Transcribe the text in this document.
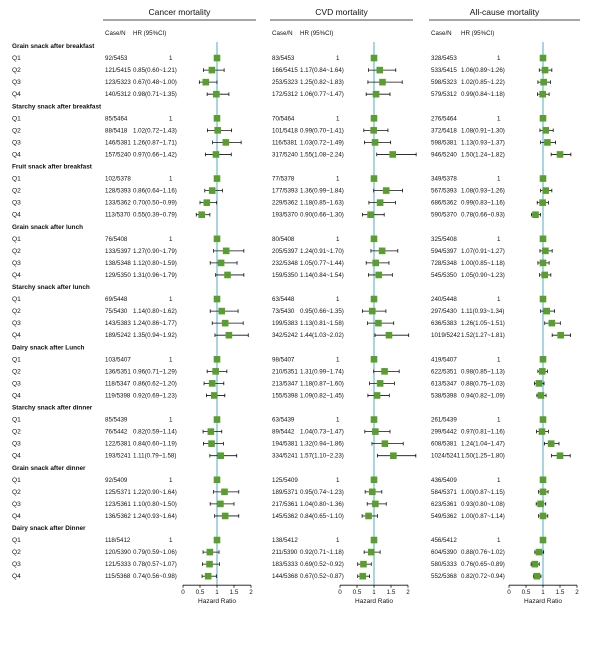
Cancer mortality
Case/N HR (95%CI)
CVD mortality
Case/N HR (95%CI)
All-cause mortality
Case/N HR (95%CI)
Grain snack after breakfast
Q1	92/5453	1	83/5453	1	328/5453	1
Q2	121/5415 0.85(0.60~1.21)	166/5415 1.17(0.84~1.64)	533/5415 1.06(0.89~1.26)
Q3	123/5323 0.67(0.48~1.00)	253/5323 1.25(0.82~1.83)	598/5323 1.02(0.85~1.22)
Q4	140/5312 0.98(0.71~1.35)	172/5312 1.06(0.77~1.47)	579/5312 0.99(0.84~1.18)
Starchy snack after breakfast
Q1	85/5464	1	70/5464	1	276/5464	1
Q2	88/5418 1.02(0.72~1.43)	101/5418 0.99(0.70~1.41)	372/5418 1.08(0.91~1.30)
Q3	146/5381 1.26(0.87~1.71)	116/5381 1.03(0.72~1.49)	598/5381 1.13(0.93~1.37)
Q4	157/5240 0.97(0.66~1.42)	317/5240 1.55(1.08~2.24)	946/5240 1.50(1.24~1.82)
Fruit snack after breakfast
Q1	102/5378	1	77/5378	1	349/5378	1
Q2	128/5393 0.86(0.64~1.16)	177/5393 1.36(0.99~1.84)	567/5393 1.08(0.93~1.26)
Q3	133/5362 0.70(0.50~0.99)	229/5362 1.18(0.85~1.63)	686/5362 0.99(0.83~1.16)
Q4	113/5370 0.55(0.39~0.79)	193/5370 0.90(0.66~1.30)	590/5370 0.78(0.66~0.93)
Grain snack after lunch
Q1	76/5408	1	80/5408	1	325/5408	1
Q2	133/5397 1.27(0.90~1.79)	205/5397 1.24(0.91~1.70)	594/5397 1.07(0.91~1.27)
Q3	138/5348 1.12(0.80~1.59)	232/5348 1.05(0.77~1.44)	728/5348 1.00(0.85~1.18)
Q4	129/5350 1.31(0.96~1.79)	159/5350 1.14(0.84~1.54)	545/5350 1.05(0.90~1.23)
Starchy snack after lunch
Q1	69/5448	1	63/5448	1	240/5448	1
Q2	75/5430 1.14(0.80~1.62)	73/5430 0.95(0.66~1.35)	297/5430 1.11(0.93~1.34)
Q3	143/5383 1.24(0.86~1.77)	199/5383 1.13(0.81~1.58)	636/5383 1.26(1.05~1.51)
Q4	189/5242 1.35(0.94~1.92)	342/5242 1.44(1.03~2.02)	1019/5242 1.52(1.27~1.81)
Dairy snack after Lunch
Q1	103/5407	1	98/5407	1	419/5407	1
Q2	136/5351 0.96(0.71~1.29)	210/5351 1.31(0.99~1.74)	622/5351 0.98(0.85~1.13)
Q3	118/5347 0.86(0.62~1.20)	213/5347 1.18(0.87~1.60)	613/5347 0.88(0.75~1.03)
Q4	119/5398 0.92(0.69~1.23)	155/5398 1.09(0.82~1.45)	538/5398 0.94(0.82~1.09)
Starchy snack after dinner
Q1	85/5439	1	63/5439	1	261/5439	1
Q2	76/5442 0.82(0.59~1.14)	89/5442 1.04(0.73~1.47)	299/5442 0.97(0.81~1.16)
Q3	122/5381 0.84(0.60~1.19)	194/5381 1.32(0.94~1.86)	608/5381 1.24(1.04~1.47)
Q4	193/5241 1.11(0.79~1.58)	334/5241 1.57(1.10~2.23)	1024/5241 1.50(1.25~1.80)
Grain snack after dinner
Q1	92/5409	1	125/5409	1	436/5409	1
Q2	125/5371 1.22(0.90~1.64)	189/5371 0.95(0.74~1.23)	584/5371 1.00(0.87~1.15)
Q3	123/5361 1.10(0.80~1.50)	217/5361 1.04(0.80~1.36)	623/5361 0.93(0.80~1.08)
Q4	136/5362 1.24(0.93~1.64)	145/5362 0.84(0.65~1.10)	549/5362 1.00(0.87~1.14)
Dairy snack after Dinner
Q1	118/5412	1	138/5412	1	456/5412	1
Q2	120/5390 0.79(0.59~1.06)	211/5390 0.92(0.71~1.18)	604/5390 0.88(0.76~1.02)
Q3	121/5333 0.78(0.57~1.07)	183/5333 0.69(0.52~0.92)	580/5333 0.76(0.65~0.89)
Q4	115/5368 0.74(0.56~0.98)	144/5368 0.67(0.52~0.87)	552/5368 0.82(0.72~0.94)
0 0.5 1 1.5 2
Hazard Ratio
0 0.5 1 1.5 2
Hazard Ratio
0 0.5 1 1.5 2
Hazard Ratio
